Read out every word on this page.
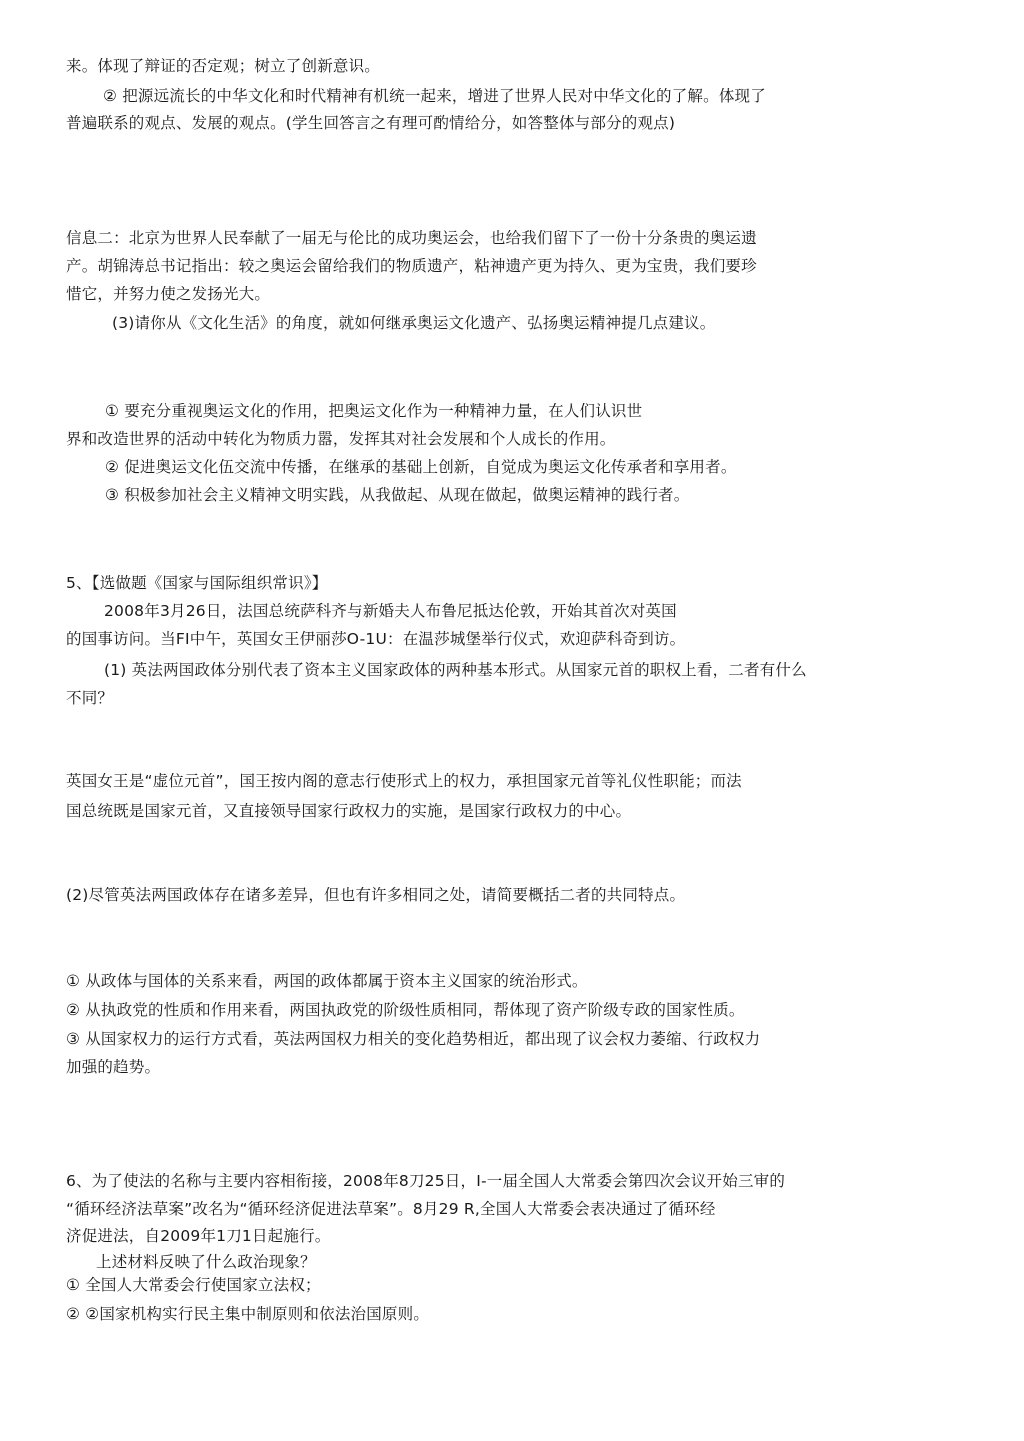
来。体现了辩证的否定观；树立了创新意识。

② 把源远流长的中华文化和时代精神有机统一起来，增进了世界人民对中华文化的了解。体现了

普遍联系的观点、发展的观点。(学生回答言之有理可酌情给分，如答整体与部分的观点)

信息二：北京为世界人民奉献了一届无与伦比的成功奥运会，也给我们留下了一份十分条贵的奥运遗

产。胡锦涛总书记指出：较之奥运会留给我们的物质遗产，粘神遗产更为持久、更为宝贵，我们要珍

惜它，并努力使之发扬光大。

(3)请你从《文化生活》的角度，就如何继承奥运文化遗产、弘扬奥运精神提几点建议。

① 要充分重视奥运文化的作用，把奥运文化作为一种精神力量，在人们认识世

界和改造世界的活动中转化为物质力嚣，发挥其对社会发展和个人成长的作用。

② 促进奥运文化伍交流中传播，在继承的基础上创新，自觉成为奥运文化传承者和享用者。

③ 积极参加社会主义精神文明实践，从我做起、从现在做起，做奥运精神的践行者。

5、【选做题《国家与国际组织常识》】

2008年3月26日，法国总统萨科齐与新婚夫人布鲁尼抵达伦敦，开始其首次对英国

的国事访问。当FI中午，英国女王伊丽莎O-1U：在温莎城堡举行仪式，欢迎萨科奇到访。

(1) 英法两国政体分别代表了资本主义国家政体的两种基本形式。从国家元首的职权上看，二者有什么

不同？

英国女王是“虚位元首”，国王按内阁的意志行使形式上的权力，承担国家元首等礼仪性职能；而法

国总统既是国家元首，又直接领导国家行政权力的实施，是国家行政权力的中心。

(2)尽管英法两国政体存在诸多差异，但也有许多相同之处，请简要概括二者的共同特点。

① 从政体与国体的关系来看，两国的政体都属于资本主义国家的统治形式。

② 从执政党的性质和作用来看，两国执政党的阶级性质相同，帮体现了资产阶级专政的国家性质。

③ 从国家权力的运行方式看，英法两国权力相关的变化趋势相近，都出现了议会权力萎缩、行政权力

加强的趋势。

6、为了使法的名称与主要内容相衔接，2008年8刀25日，I-一届全国人大常委会第四次会议开始三审的

“循环经济法草案”改名为“循环经济促进法草案”。8月29 R,全国人大常委会表决通过了循环经

济促进法，自2009年1刀1日起施行。

上述材料反映了什么政治现象？

① 全国人大常委会行使国家立法权；

② ②国家机构实行民主集中制原则和依法治国原则。
